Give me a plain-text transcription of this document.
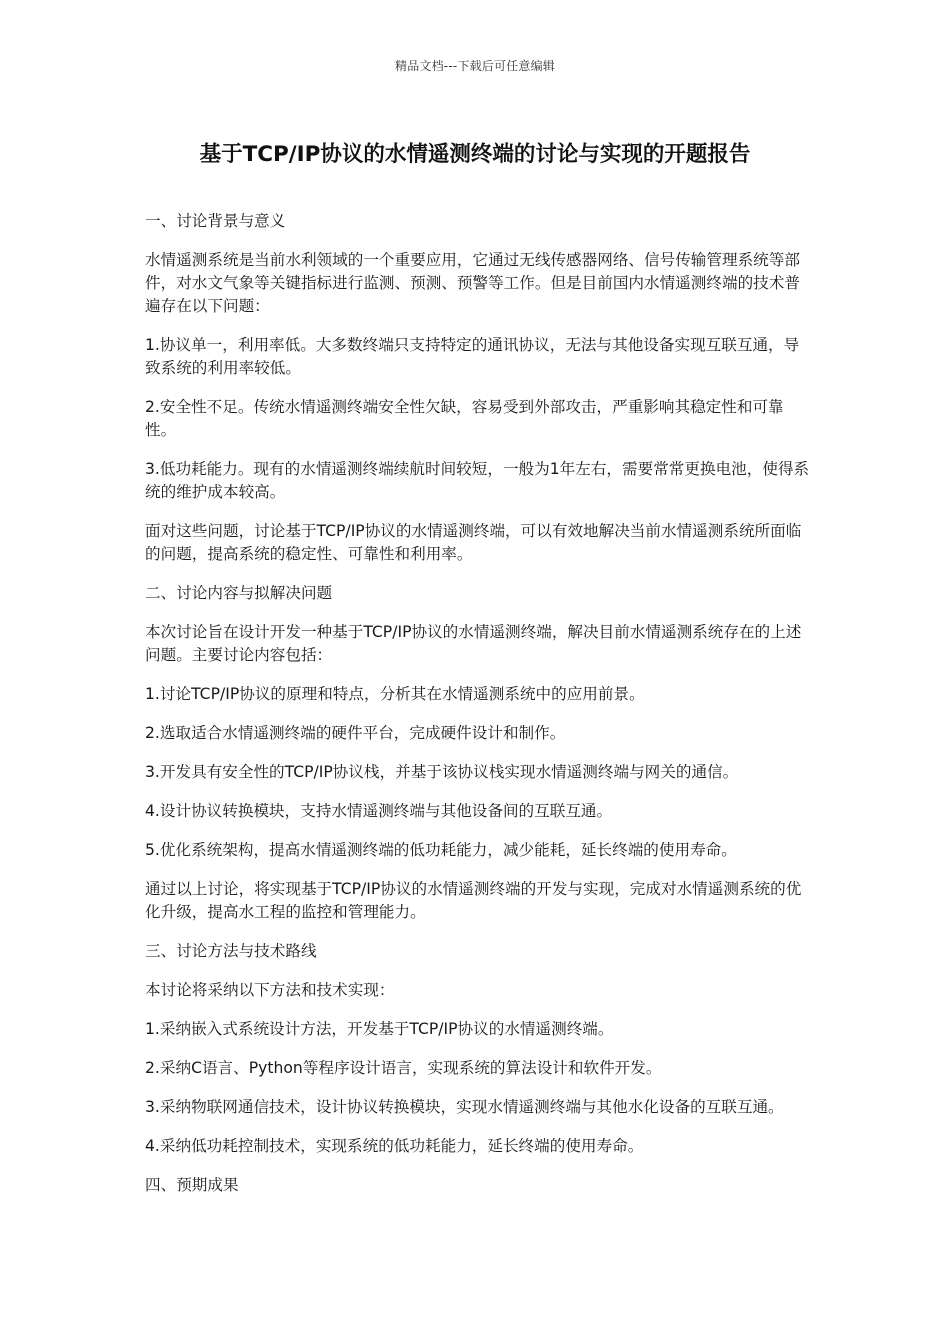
精品文档---下载后可任意编辑
基于TCP/IP协议的水情遥测终端的讨论与实现的开题报告

一、讨论背景与意义

水情遥测系统是当前水利领域的一个重要应用，它通过无线传感器网络、信号传输管理系统等部件，对水文气象等关键指标进行监测、预测、预警等工作。但是目前国内水情遥测终端的技术普遍存在以下问题：

1.协议单一，利用率低。大多数终端只支持特定的通讯协议，无法与其他设备实现互联互通，导致系统的利用率较低。

2.安全性不足。传统水情遥测终端安全性欠缺，容易受到外部攻击，严重影响其稳定性和可靠性。

3.低功耗能力。现有的水情遥测终端续航时间较短，一般为1年左右，需要常常更换电池，使得系统的维护成本较高。

面对这些问题，讨论基于TCP/IP协议的水情遥测终端，可以有效地解决当前水情遥测系统所面临的问题，提高系统的稳定性、可靠性和利用率。

二、讨论内容与拟解决问题

本次讨论旨在设计开发一种基于TCP/IP协议的水情遥测终端，解决目前水情遥测系统存在的上述问题。主要讨论内容包括：

1.讨论TCP/IP协议的原理和特点，分析其在水情遥测系统中的应用前景。

2.选取适合水情遥测终端的硬件平台，完成硬件设计和制作。

3.开发具有安全性的TCP/IP协议栈，并基于该协议栈实现水情遥测终端与网关的通信。

4.设计协议转换模块，支持水情遥测终端与其他设备间的互联互通。

5.优化系统架构，提高水情遥测终端的低功耗能力，减少能耗，延长终端的使用寿命。

通过以上讨论，将实现基于TCP/IP协议的水情遥测终端的开发与实现，完成对水情遥测系统的优化升级，提高水工程的监控和管理能力。

三、讨论方法与技术路线

本讨论将采纳以下方法和技术实现：

1.采纳嵌入式系统设计方法，开发基于TCP/IP协议的水情遥测终端。

2.采纳C语言、Python等程序设计语言，实现系统的算法设计和软件开发。

3.采纳物联网通信技术，设计协议转换模块，实现水情遥测终端与其他水化设备的互联互通。

4.采纳低功耗控制技术，实现系统的低功耗能力，延长终端的使用寿命。

四、预期成果
